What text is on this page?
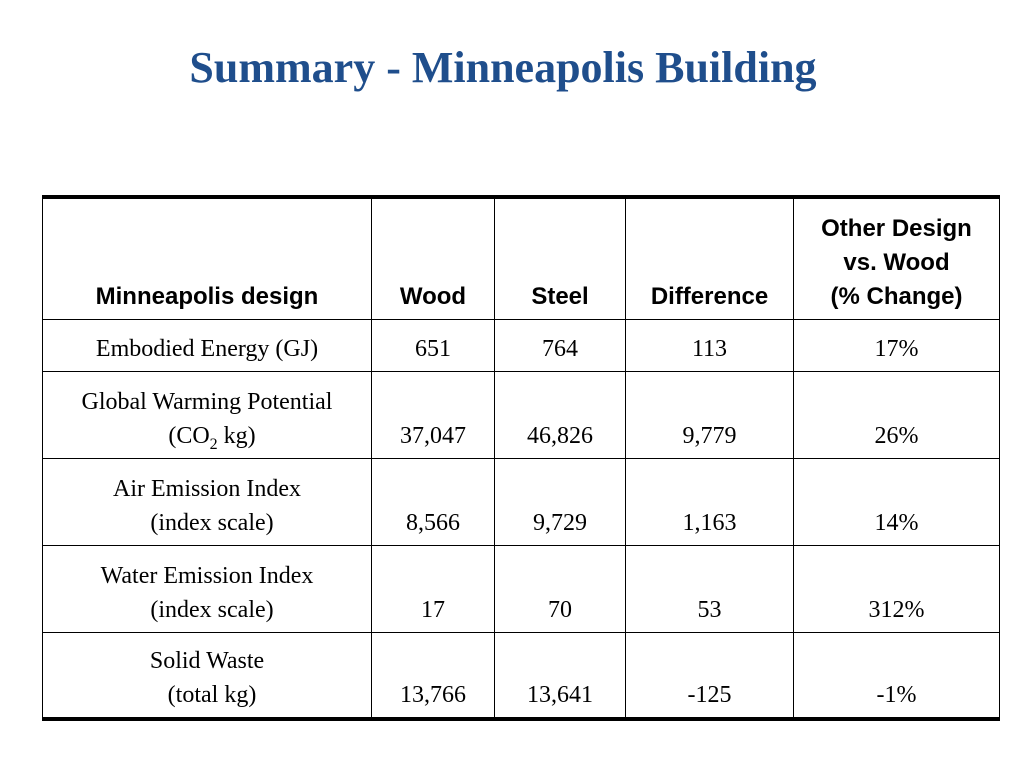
Summary - Minneapolis Building
Minneapolis design	Wood	Steel	Difference	Other Design
vs. Wood
(% Change)

Embodied Energy (GJ)	651	764	113	17%

Global Warming Potential
($CO_2$ kg)	37,047	46,826	9,779	26%

Air Emission Index
(index scale)	8,566	9,729	1,163	14%

Water Emission Index
(index scale)	17	70	53	312%

Solid Waste
(total kg)	13,766	13,641	-125	-1%
